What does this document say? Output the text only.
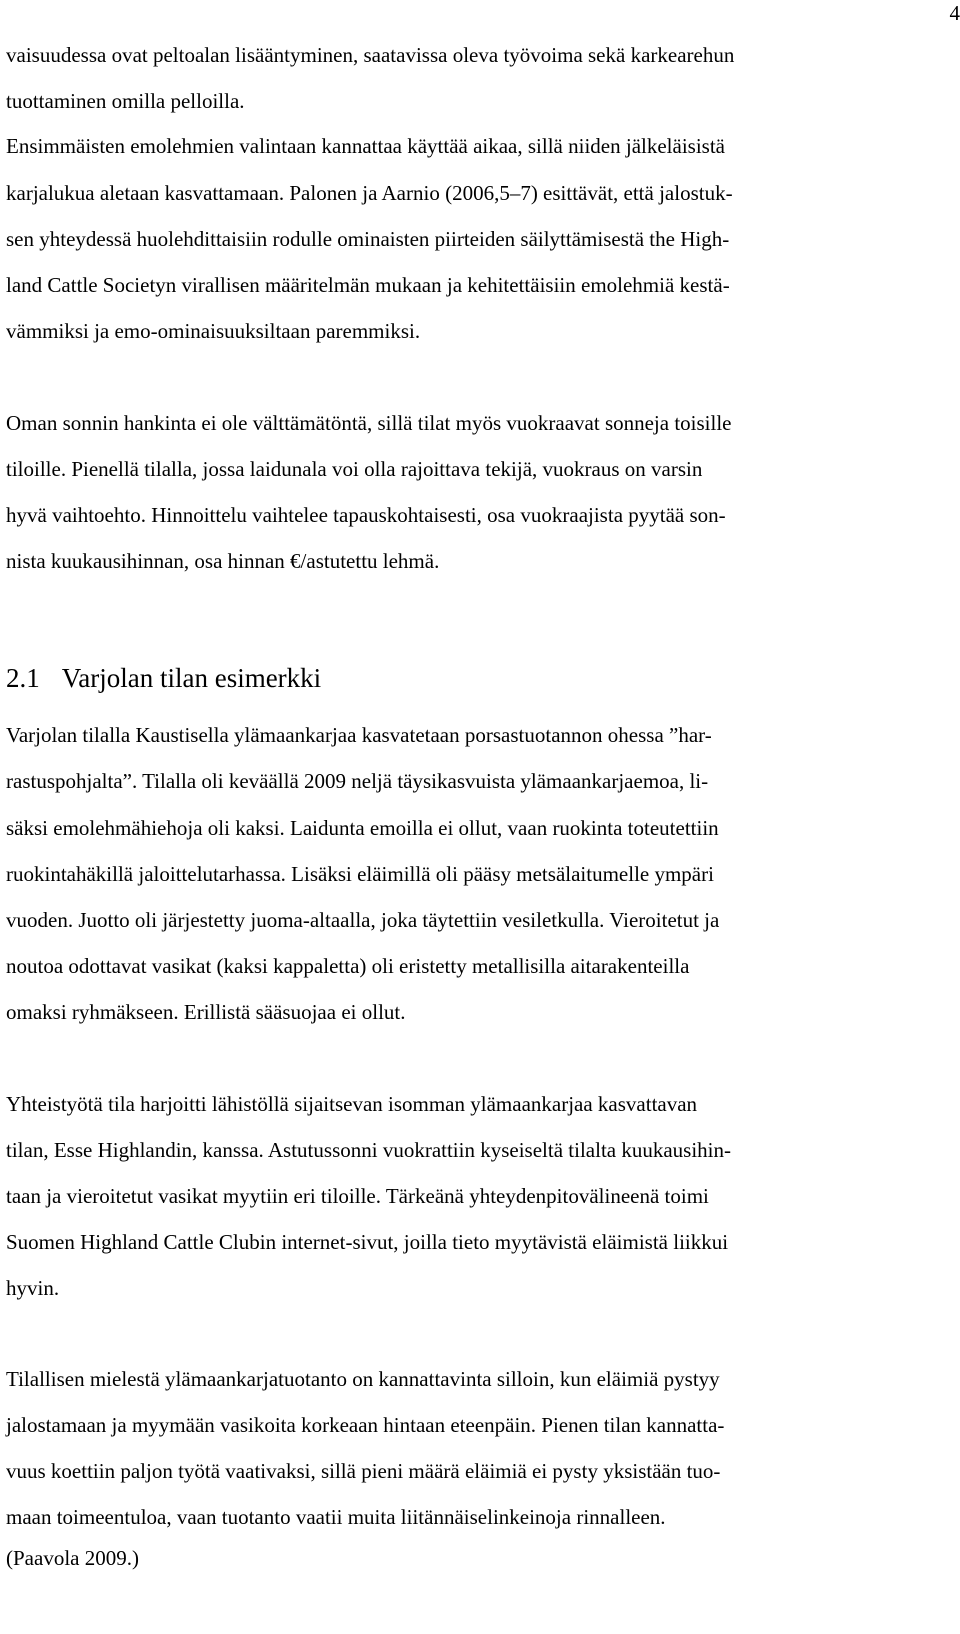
4
vaisuudessa ovat peltoalan lisääntyminen, saatavissa oleva työvoima sekä karkearehun
tuottaminen omilla pelloilla.
Ensimmäisten emolehmien valintaan kannattaa käyttää aikaa, sillä niiden jälkeläisistä
karjalukua aletaan kasvattamaan. Palonen ja Aarnio (2006,5–7) esittävät, että jalostuk-
sen yhteydessä huolehdittaisiin rodulle ominaisten piirteiden säilyttämisestä the High-
land Cattle Societyn virallisen määritelmän mukaan ja kehitettäisiin emolehmiä kestä-
vämmiksi ja emo-ominaisuuksiltaan paremmiksi.
Oman sonnin hankinta ei ole välttämätöntä, sillä tilat myös vuokraavat sonneja toisille
tiloille. Pienellä tilalla, jossa laidunala voi olla rajoittava tekijä, vuokraus on varsin
hyvä vaihtoehto. Hinnoittelu vaihtelee tapauskohtaisesti, osa vuokraajista pyytää son-
nista kuukausihinnan, osa hinnan €/astutettu lehmä.
2.1 Varjolan tilan esimerkki
Varjolan tilalla Kaustisella ylämaankarjaa kasvatetaan porsastuotannon ohessa ”har-
rastuspohjalta”. Tilalla oli keväällä 2009 neljä täysikasvuista ylämaankarjaemoa, li-
säksi emolehmähiehoja oli kaksi. Laidunta emoilla ei ollut, vaan ruokinta toteutettiin
ruokintahäkillä jaloittelutarhassa. Lisäksi eläimillä oli pääsy metsälaitumelle ympäri
vuoden. Juotto oli järjestetty juoma-altaalla, joka täytettiin vesiletkulla. Vieroitetut ja
noutoa odottavat vasikat (kaksi kappaletta) oli eristetty metallisilla aitarakenteilla
omaksi ryhmäkseen. Erillistä sääsuojaa ei ollut.
Yhteistyötä tila harjoitti lähistöllä sijaitsevan isomman ylämaankarjaa kasvattavan
tilan, Esse Highlandin, kanssa. Astutussonni vuokrattiin kyseiseltä tilalta kuukausihin-
taan ja vieroitetut vasikat myytiin eri tiloille. Tärkeänä yhteydenpitovälineenä toimi
Suomen Highland Cattle Clubin internet-sivut, joilla tieto myytävistä eläimistä liikkui
hyvin.
Tilallisen mielestä ylämaankarjatuotanto on kannattavinta silloin, kun eläimiä pystyy
jalostamaan ja myymään vasikoita korkeaan hintaan eteenpäin. Pienen tilan kannatta-
vuus koettiin paljon työtä vaativaksi, sillä pieni määrä eläimiä ei pysty yksistään tuo-
maan toimeentuloa, vaan tuotanto vaatii muita liitännäiselinkeinoja rinnalleen.
(Paavola 2009.)
